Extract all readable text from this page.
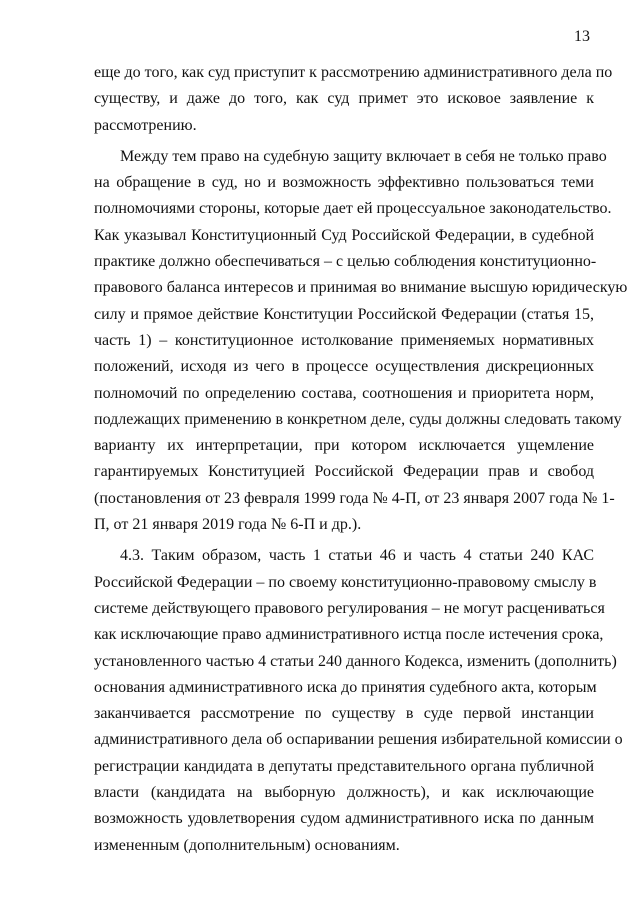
13

еще до того, как суд приступит к рассмотрению административного дела по
существу, и даже до того, как суд примет это исковое заявление к
рассмотрению.

Между тем право на судебную защиту включает в себя не только право
на обращение в суд, но и возможность эффективно пользоваться теми
полномочиями стороны, которые дает ей процессуальное законодательство.
Как указывал Конституционный Суд Российской Федерации, в судебной
практике должно обеспечиваться – с целью соблюдения конституционно-
правового баланса интересов и принимая во внимание высшую юридическую
силу и прямое действие Конституции Российской Федерации (статья 15,
часть 1) – конституционное истолкование применяемых нормативных
положений, исходя из чего в процессе осуществления дискреционных
полномочий по определению состава, соотношения и приоритета норм,
подлежащих применению в конкретном деле, суды должны следовать такому
варианту их интерпретации, при котором исключается ущемление
гарантируемых Конституцией Российской Федерации прав и свобод
(постановления от 23 февраля 1999 года № 4-П, от 23 января 2007 года № 1-
П, от 21 января 2019 года № 6-П и др.).

4.3. Таким образом, часть 1 статьи 46 и часть 4 статьи 240 КАС
Российской Федерации – по своему конституционно-правовому смыслу в
системе действующего правового регулирования – не могут расцениваться
как исключающие право административного истца после истечения срока,
установленного частью 4 статьи 240 данного Кодекса, изменить (дополнить)
основания административного иска до принятия судебного акта, которым
заканчивается рассмотрение по существу в суде первой инстанции
административного дела об оспаривании решения избирательной комиссии о
регистрации кандидата в депутаты представительного органа публичной
власти (кандидата на выборную должность), и как исключающие
возможность удовлетворения судом административного иска по данным
измененным (дополнительным) основаниям.
